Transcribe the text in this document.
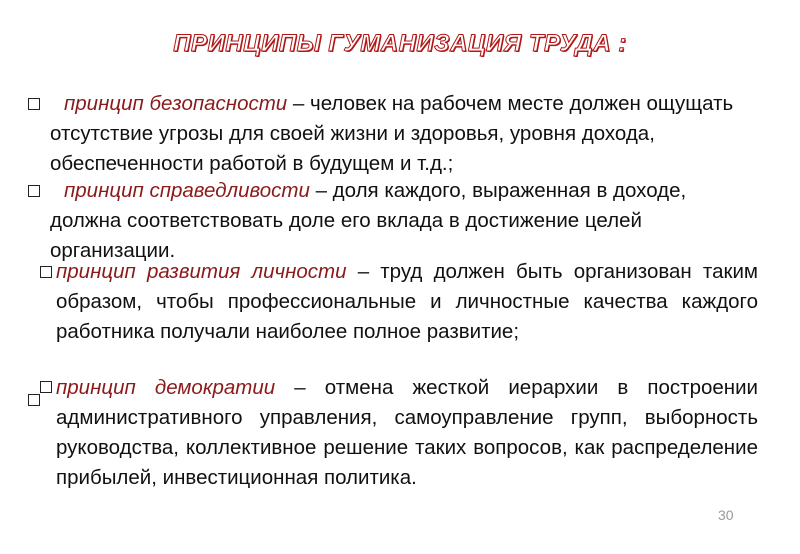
ПРИНЦИПЫ ГУМАНИЗАЦИЯ ТРУДА :

принцип безопасности – человек на рабочем месте должен ощущать отсутствие угрозы для своей жизни и здоровья, уровня дохода, обеспеченности работой в будущем и т.д.;

принцип справедливости – доля каждого, выраженная в доходе, должна соответствовать доле его вклада в достижение целей организации.

принцип развития личности – труд должен быть организован таким образом, чтобы профессиональные и личностные качества каждого работника получали наиболее полное развитие;

принцип демократии – отмена жесткой иерархии в построении административного управления, самоуправление групп, выборность руководства, коллективное решение таких вопросов, как распределение прибылей, инвестиционная политика.

30
